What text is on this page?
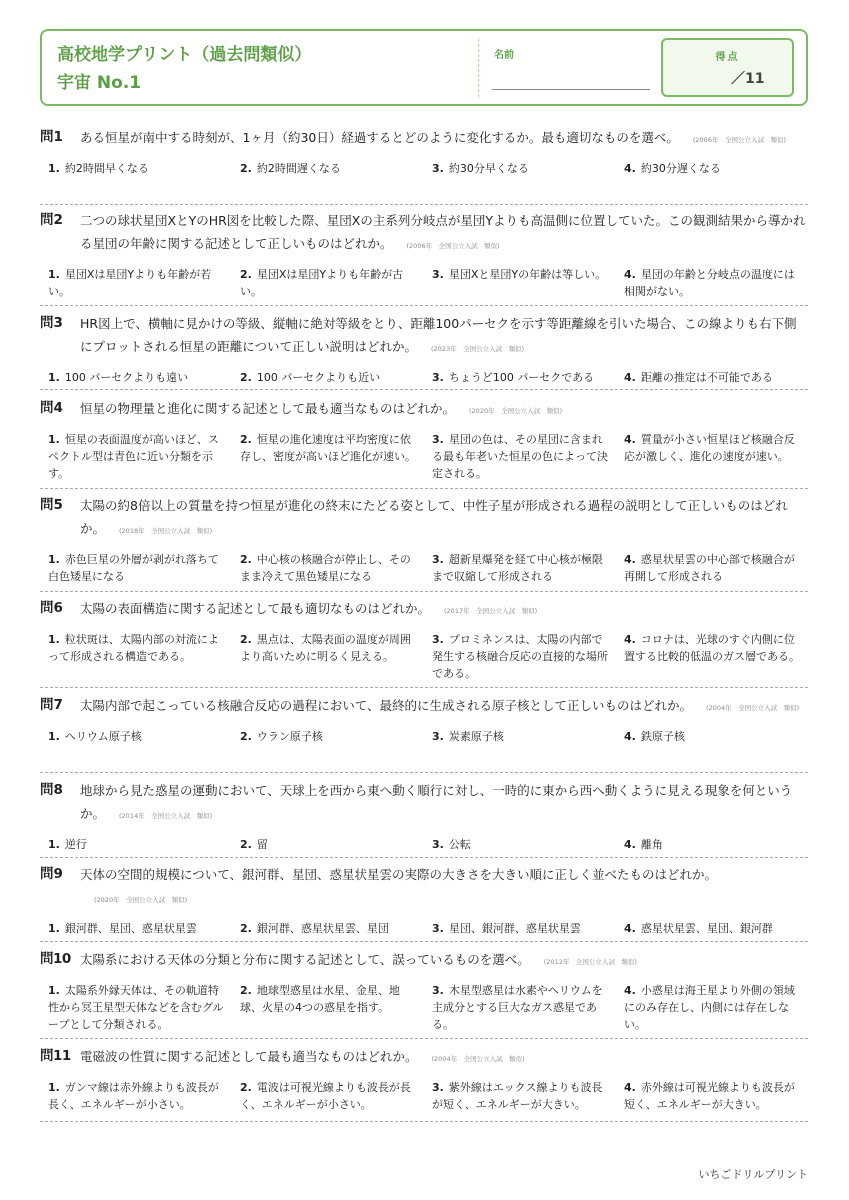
高校地学プリント（過去問類似）
宇宙 No.1
名前	得点
／11
問1 ある恒星が南中する時刻が、1ヶ月（約30日）経過するとどのように変化するか。最も適切なものを選べ。 (2006年　全国公立入試　類似)
1. 約2時間早くなる	2. 約2時間遅くなる	3. 約30分早くなる	4. 約30分遅くなる
問2 二つの球状星団XとYのHR図を比較した際、星団Xの主系列分岐点が星団Yよりも高温側に位置していた。この観測結果から導かれる星団の年齢に関する記述として正しいものはどれか。 (2006年　全国公立入試　類似)
1. 星団Xは星団Yよりも年齢が若い。
2. 星団Xは星団Yよりも年齢が古い。
3. 星団Xと星団Yの年齢は等しい。	4. 星団の年齢と分岐点の温度には相関がない。
問3 HR図上で、横軸に見かけの等級、縦軸に絶対等級をとり、距離100パーセクを示す等距離線を引いた場合、この線よりも右下側にプロットされる恒星の距離について正しい説明はどれか。 (2023年　全国公立入試　類似)
1. 100 パーセクよりも遠い	2. 100 パーセクよりも近い	3. ちょうど100 パーセクである	4. 距離の推定は不可能である
問4 恒星の物理量と進化に関する記述として最も適当なものはどれか。 (2020年　全国公立入試　類似)
1. 恒星の表面温度が高いほど、スペクトル型は青色に近い分類を示す。
2. 恒星の進化速度は平均密度に依存し、密度が高いほど進化が速い。
3. 星団の色は、その星団に含まれる最も年老いた恒星の色によって決定される。
4. 質量が小さい恒星ほど核融合反応が激しく、進化の速度が速い。
問5 太陽の約8倍以上の質量を持つ恒星が進化の終末にたどる姿として、中性子星が形成される過程の説明として正しいものはどれか。 (2018年　全国公立入試　類似)
1. 赤色巨星の外層が剥がれ落ちて白色矮星になる
2. 中心核の核融合が停止し、そのまま冷えて黒色矮星になる
3. 超新星爆発を経て中心核が極限まで収縮して形成される
4. 惑星状星雲の中心部で核融合が再開して形成される
問6 太陽の表面構造に関する記述として最も適切なものはどれか。 (2017年　全国公立入試　類似)
1. 粒状斑は、太陽内部の対流によって形成される構造である。
2. 黒点は、太陽表面の温度が周囲より高いために明るく見える。
3. プロミネンスは、太陽の内部で発生する核融合反応の直接的な場所である。
4. コロナは、光球のすぐ内側に位置する比較的低温のガス層である。
問7 太陽内部で起こっている核融合反応の過程において、最終的に生成される原子核として正しいものはどれか。 (2004年　全国公立入試　類似)
1. ヘリウム原子核	2. ウラン原子核	3. 炭素原子核	4. 鉄原子核
問8 地球から見た惑星の運動において、天球上を西から東へ動く順行に対し、一時的に東から西へ動くように見える現象を何というか。 (2014年　全国公立入試　類似)
1. 逆行	2. 留	3. 公転	4. 離角
問9 天体の空間的規模について、銀河群、星団、惑星状星雲の実際の大きさを大きい順に正しく並べたものはどれか。(2020年　全国公立入試　類似)
1. 銀河群、星団、惑星状星雲	2. 銀河群、惑星状星雲、星団	3. 星団、銀河群、惑星状星雲	4. 惑星状星雲、星団、銀河群
問10 太陽系における天体の分類と分布に関する記述として、誤っているものを選べ。 (2012年　全国公立入試　類似)
1. 太陽系外縁天体は、その軌道特性から冥王星型天体などを含むグループとして分類される。
2. 地球型惑星は水星、金星、地球、火星の4つの惑星を指す。
3. 木星型惑星は水素やヘリウムを主成分とする巨大なガス惑星である。
4. 小惑星は海王星より外側の領域にのみ存在し、内側には存在しない。
問11 電磁波の性質に関する記述として最も適当なものはどれか。 (2004年　全国公立入試　類似)
1. ガンマ線は赤外線よりも波長が長く、エネルギーが小さい。
2. 電波は可視光線よりも波長が長く、エネルギーが小さい。
3. 紫外線はエックス線よりも波長が短く、エネルギーが大きい。
4. 赤外線は可視光線よりも波長が短く、エネルギーが大きい。
いちごドリルプリント
